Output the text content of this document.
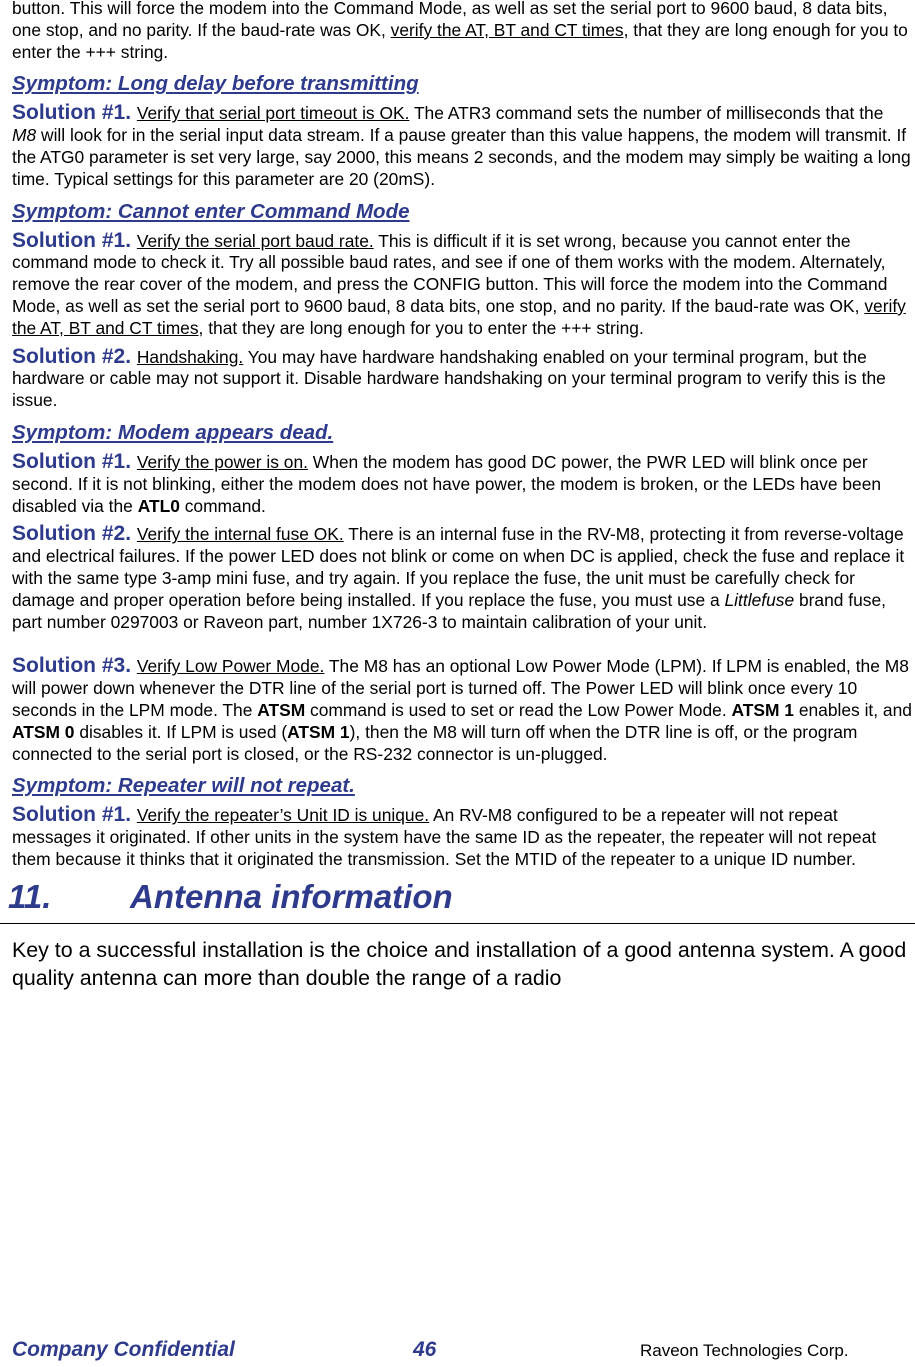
button. This will force the modem into the Command Mode, as well as set the serial port to 9600 baud, 8 data bits, one stop, and no parity. If the baud-rate was OK, verify the AT, BT and CT times, that they are long enough for you to enter the +++ string.

Symptom: Long delay before transmitting

Solution #1. Verify that serial port timeout is OK. The ATR3 command sets the number of milliseconds that the M8 will look for in the serial input data stream. If a pause greater than this value happens, the modem will transmit. If the ATG0 parameter is set very large, say 2000, this means 2 seconds, and the modem may simply be waiting a long time. Typical settings for this parameter are 20 (20mS).

Symptom: Cannot enter Command Mode

Solution #1. Verify the serial port baud rate. This is difficult if it is set wrong, because you cannot enter the command mode to check it. Try all possible baud rates, and see if one of them works with the modem. Alternately, remove the rear cover of the modem, and press the CONFIG button. This will force the modem into the Command Mode, as well as set the serial port to 9600 baud, 8 data bits, one stop, and no parity. If the baud-rate was OK, verify the AT, BT and CT times, that they are long enough for you to enter the +++ string.

Solution #2. Handshaking. You may have hardware handshaking enabled on your terminal program, but the hardware or cable may not support it. Disable hardware handshaking on your terminal program to verify this is the issue.

Symptom: Modem appears dead.

Solution #1. Verify the power is on. When the modem has good DC power, the PWR LED will blink once per second. If it is not blinking, either the modem does not have power, the modem is broken, or the LEDs have been disabled via the ATL0 command.

Solution #2. Verify the internal fuse OK. There is an internal fuse in the RV-M8, protecting it from reverse-voltage and electrical failures. If the power LED does not blink or come on when DC is applied, check the fuse and replace it with the same type 3-amp mini fuse, and try again. If you replace the fuse, the unit must be carefully check for damage and proper operation before being installed. If you replace the fuse, you must use a Littlefuse brand fuse, part number 0297003 or Raveon part, number 1X726-3 to maintain calibration of your unit.

Solution #3. Verify Low Power Mode. The M8 has an optional Low Power Mode (LPM). If LPM is enabled, the M8 will power down whenever the DTR line of the serial port is turned off. The Power LED will blink once every 10 seconds in the LPM mode. The ATSM command is used to set or read the Low Power Mode. ATSM 1 enables it, and ATSM 0 disables it. If LPM is used (ATSM 1), then the M8 will turn off when the DTR line is off, or the program connected to the serial port is closed, or the RS-232 connector is un-plugged.

Symptom: Repeater will not repeat.

Solution #1. Verify the repeater’s Unit ID is unique. An RV-M8 configured to be a repeater will not repeat messages it originated. If other units in the system have the same ID as the repeater, the repeater will not repeat them because it thinks that it originated the transmission. Set the MTID of the repeater to a unique ID number.

11. Antenna information

Key to a successful installation is the choice and installation of a good antenna system. A good quality antenna can more than double the range of a radio

Company Confidential	46	Raveon Technologies Corp.
